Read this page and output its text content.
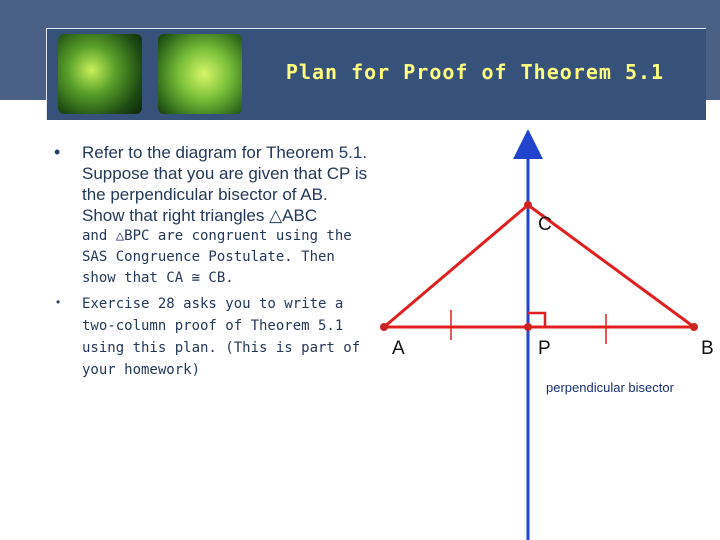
Plan for Proof of Theorem 5.1
• Refer to the diagram for Theorem 5.1. Suppose that you are given that CP is the perpendicular bisector of AB. Show that right triangles △ABC
and △BPC are congruent using the SAS Congruence Postulate. Then show that CA ≅ CB.
• Exercise 28 asks you to write a two-column proof of Theorem 5.1 using this plan. (This is part of your homework)
A	B
C
P
perpendicular bisector
